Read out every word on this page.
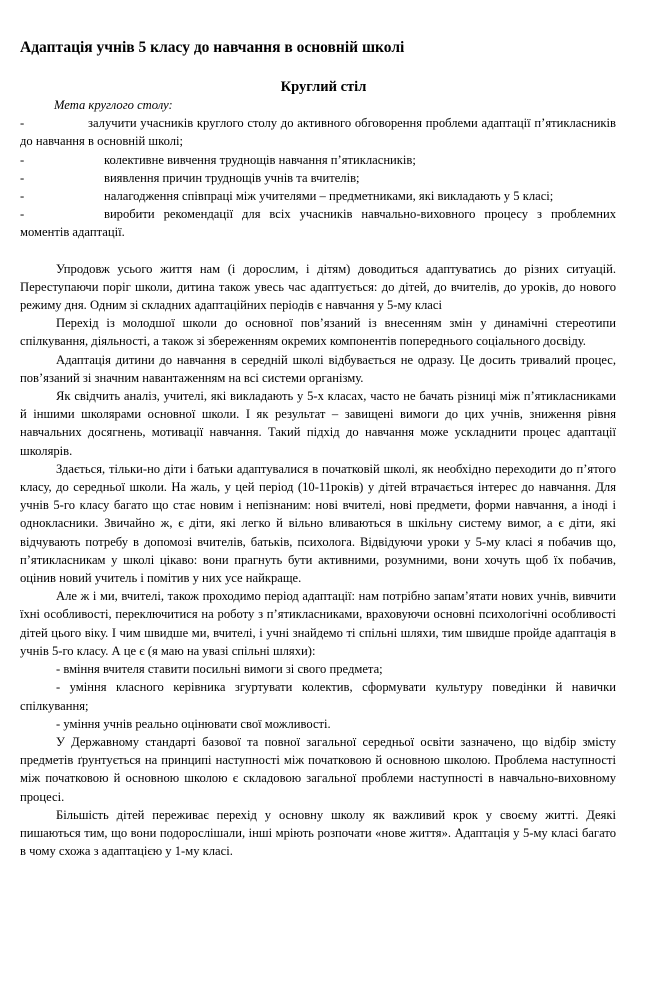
Адаптація учнів 5 класу до навчання в основній школі
Круглий стіл
Мета круглого столу:
-	залучити учасників круглого столу до активного обговорення проблеми адаптації п’ятикласників до навчання в основній школі;
-	колективне вивчення труднощів навчання п’ятикласників;
-	виявлення причин труднощів учнів та вчителів;
-	налагодження співпраці між учителями – предметниками, які викладають у 5 класі;
-	виробити рекомендації для всіх учасників навчально-виховного процесу з проблемних моментів адаптації.

Упродовж усього життя нам (і дорослим, і дітям) доводиться адаптуватись до різних ситуацій. Переступаючи поріг школи, дитина також увесь час адаптується: до дітей, до вчителів, до уроків, до нового режиму дня. Одним зі складних адаптаційних періодів є навчання у 5-му класі

Перехід із молодшої школи до основної пов’язаний із внесенням змін у динамічні стереотипи спілкування, діяльності, а також зі збереженням окремих компонентів попереднього соціального досвіду.

Адаптація дитини до навчання в середній школі відбувається не одразу. Це досить тривалий процес, пов’язаний зі значним навантаженням на всі системи організму.

Як свідчить аналіз, учителі, які викладають у 5-х класах, часто не бачать різниці між п’ятикласниками й іншими школярами основної школи. І як результат – завищені вимоги до цих учнів, зниження рівня навчальних досягнень, мотивації навчання. Такий підхід до навчання може ускладнити процес адаптації школярів.

Здається, тільки-но діти і батьки адаптувалися в початковій школі, як необхідно переходити до п’ятого класу, до середньої школи. На жаль, у цей період (10-11років) у дітей втрачається інтерес до навчання. Для учнів 5-го класу багато що стає новим і непізнаним: нові вчителі, нові предмети, форми навчання, а іноді і однокласники. Звичайно ж, є діти, які легко й вільно вливаються в шкільну систему вимог, а є діти, які відчувають потребу в допомозі вчителів, батьків, психолога. Відвідуючи уроки у 5-му класі я побачив що, п’ятикласникам у школі цікаво: вони прагнуть бути активними, розумними, вони хочуть щоб їх побачив, оцінив новий учитель і помітив у них усе найкраще.

Але ж і ми, вчителі, також проходимо період адаптації: нам потрібно запам’ятати нових учнів, вивчити їхні особливості, переключитися на роботу з п’ятикласниками, враховуючи основні психологічні особливості дітей цього віку. І чим швидше ми, вчителі, і учні знайдемо ті спільні шляхи, тим швидше пройде адаптація в учнів 5-го класу. А це є (я маю на увазі спільні шляхи):

- вміння вчителя ставити посильні вимоги зі свого предмета;

- уміння класного керівника згуртувати колектив, сформувати культуру поведінки й навички спілкування;

- уміння учнів реально оцінювати свої можливості.

У Державному стандарті базової та повної загальної середньої освіти зазначено, що відбір змісту предметів ґрунтується на принципі наступності між початковою й основною школою. Проблема наступності між початковою й основною школою є складовою загальної проблеми наступності в навчально-виховному процесі.

Більшість дітей переживає перехід у основну школу як важливий крок у своєму житті. Деякі пишаються тим, що вони подорослішали, інші мріють розпочати «нове життя». Адаптація у 5-му класі багато в чому схожа з адаптацією у 1-му класі.
